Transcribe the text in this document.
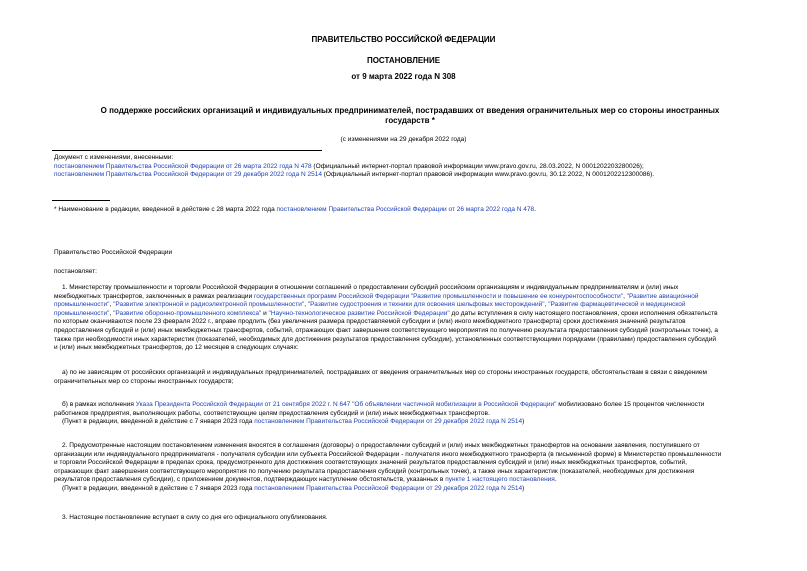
ПРАВИТЕЛЬСТВО РОССИЙСКОЙ ФЕДЕРАЦИИ
ПОСТАНОВЛЕНИЕ
от 9 марта 2022 года N 308
О поддержке российских организаций и индивидуальных предпринимателей, пострадавших от введения ограничительных мер со стороны иностранных государств *
(с изменениями на 29 декабря 2022 года)
Документ с изменениями, внесенными:
постановлением Правительства Российской Федерации от 26 марта 2022 года N 478 (Официальный интернет-портал правовой информации www.pravo.gov.ru, 28.03.2022, N 0001202203280026);
постановлением Правительства Российской Федерации от 29 декабря 2022 года N 2514 (Официальный интернет-портал правовой информации www.pravo.gov.ru, 30.12.2022, N 0001202212300086).
* Наименование в редакции, введенной в действие с 28 марта 2022 года постановлением Правительства Российской Федерации от 26 марта 2022 года N 478.
Правительство Российской Федерации
постановляет:
1. Министерству промышленности и торговли Российской Федерации в отношении соглашений о предоставлении субсидий российским организациям и индивидуальным предпринимателям и (или) иных
межбюджетных трансфертов, заключенных в рамках реализации государственных программ Российской Федерации "Развитие промышленности и повышение ее конкурентоспособности", "Развитие авиационной
промышленности", "Развитие электронной и радиоэлектронной промышленности", "Развитие судостроения и техники для освоения шельфовых месторождений", "Развитие фармацевтической и медицинской
промышленности", "Развитие оборонно-промышленного комплекса" и "Научно-технологическое развитие Российской Федерации" до даты вступления в силу настоящего постановления, сроки исполнения обязательств
по которым оканчиваются после 23 февраля 2022 г., вправе продлить (без увеличения размера предоставляемой субсидии и (или) иного межбюджетного трансферта) сроки достижения значений результатов
предоставления субсидий и (или) иных межбюджетных трансфертов, событий, отражающих факт завершения соответствующего мероприятия по получению результата предоставления субсидий (контрольных точек), а
также при необходимости иных характеристик (показателей, необходимых для достижения результатов предоставления субсидии), установленных соответствующими порядками (правилами) предоставления субсидий
и (или) иных межбюджетных трансфертов, до 12 месяцев в следующих случаях:
а) по не зависящим от российских организаций и индивидуальных предпринимателей, пострадавших от введения ограничительных мер со стороны иностранных государств, обстоятельствам в связи с введением
ограничительных мер со стороны иностранных государств;
б) в рамках исполнения Указа Президента Российской Федерации от 21 сентября 2022 г. N 647 "Об объявлении частичной мобилизации в Российской Федерации" мобилизовано более 15 процентов численности
работников предприятия, выполняющих работы, соответствующие целям предоставления субсидий и (или) иных межбюджетных трансфертов.
(Пункт в редакции, введенной в действие с 7 января 2023 года постановлением Правительства Российской Федерации от 29 декабря 2022 года N 2514)
2. Предусмотренные настоящим постановлением изменения вносятся в соглашения (договоры) о предоставлении субсидий и (или) иных межбюджетных трансфертов на основании заявления, поступившего от
организации или индивидуального предпринимателя - получателя субсидии или субъекта Российской Федерации - получателя иного межбюджетного трансферта (в письменной форме) в Министерство промышленности
и торговли Российской Федерации в пределах срока, предусмотренного для достижения соответствующих значений результатов предоставления субсидий и (или) иных межбюджетных трансфертов, событий,
отражающих факт завершения соответствующего мероприятия по получению результата предоставления субсидий (контрольных точек), а также иных характеристик (показателей, необходимых для достижения
результатов предоставления субсидии), с приложением документов, подтверждающих наступление обстоятельств, указанных в пункте 1 настоящего постановления.
(Пункт в редакции, введенной в действие с 7 января 2023 года постановлением Правительства Российской Федерации от 29 декабря 2022 года N 2514)
3. Настоящее постановление вступает в силу со дня его официального опубликования.
